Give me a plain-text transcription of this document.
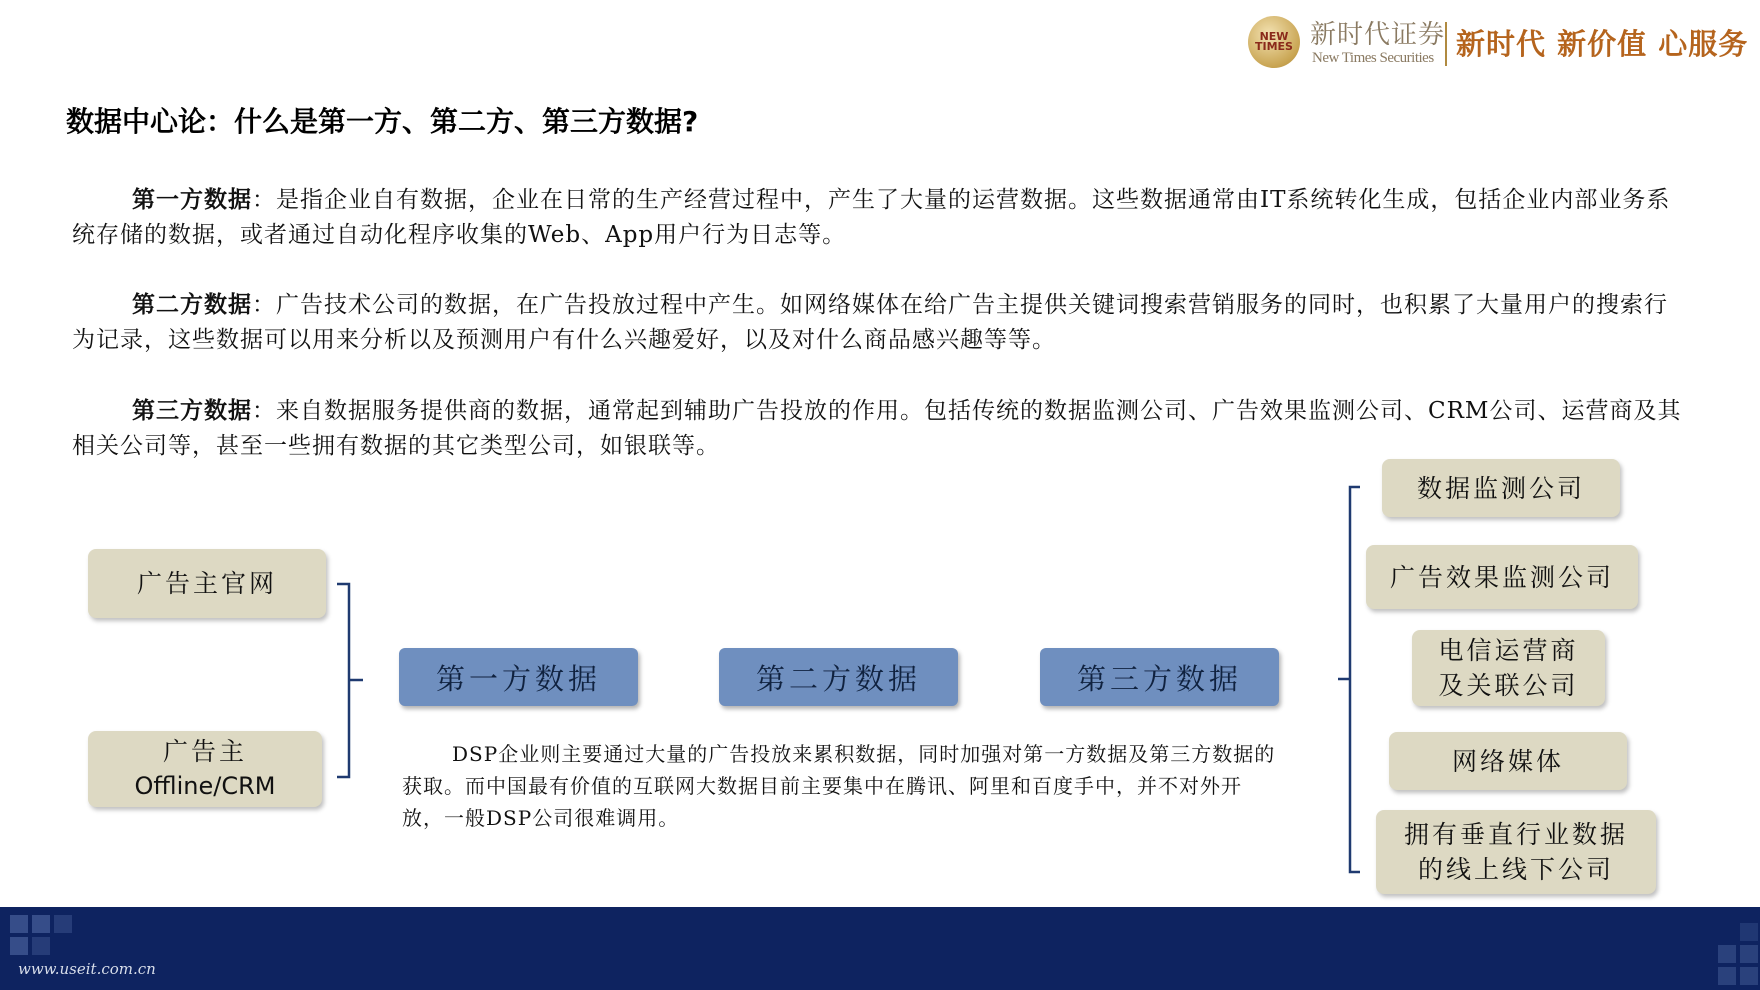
NEW TIMES 新时代证券
New Times Securities 新时代 新价值 心服务
数据中心论：什么是第一方、第二方、第三方数据?
第一方数据：是指企业自有数据，企业在日常的生产经营过程中，产生了大量的运营数据。这些数据通常由IT系统转化生成，包括企业内部业务系统存储的数据，或者通过自动化程序收集的Web、App用户行为日志等。
第二方数据：广告技术公司的数据，在广告投放过程中产生。如网络媒体在给广告主提供关键词搜索营销服务的同时，也积累了大量用户的搜索行为记录，这些数据可以用来分析以及预测用户有什么兴趣爱好，以及对什么商品感兴趣等等。
第三方数据：来自数据服务提供商的数据，通常起到辅助广告投放的作用。包括传统的数据监测公司、广告效果监测公司、CRM公司、运营商及其相关公司等，甚至一些拥有数据的其它类型公司，如银联等。
广告主官网
广告主
Offline/CRM
第一方数据	第二方数据	第三方数据
DSP企业则主要通过大量的广告投放来累积数据，同时加强对第一方数据及第三方数据的获取。而中国最有价值的互联网大数据目前主要集中在腾讯、阿里和百度手中，并不对外开放，一般DSP公司很难调用。
数据监测公司
广告效果监测公司
电信运营商
及关联公司
网络媒体
拥有垂直行业数据
的线上线下公司
www.useit.com.cn
